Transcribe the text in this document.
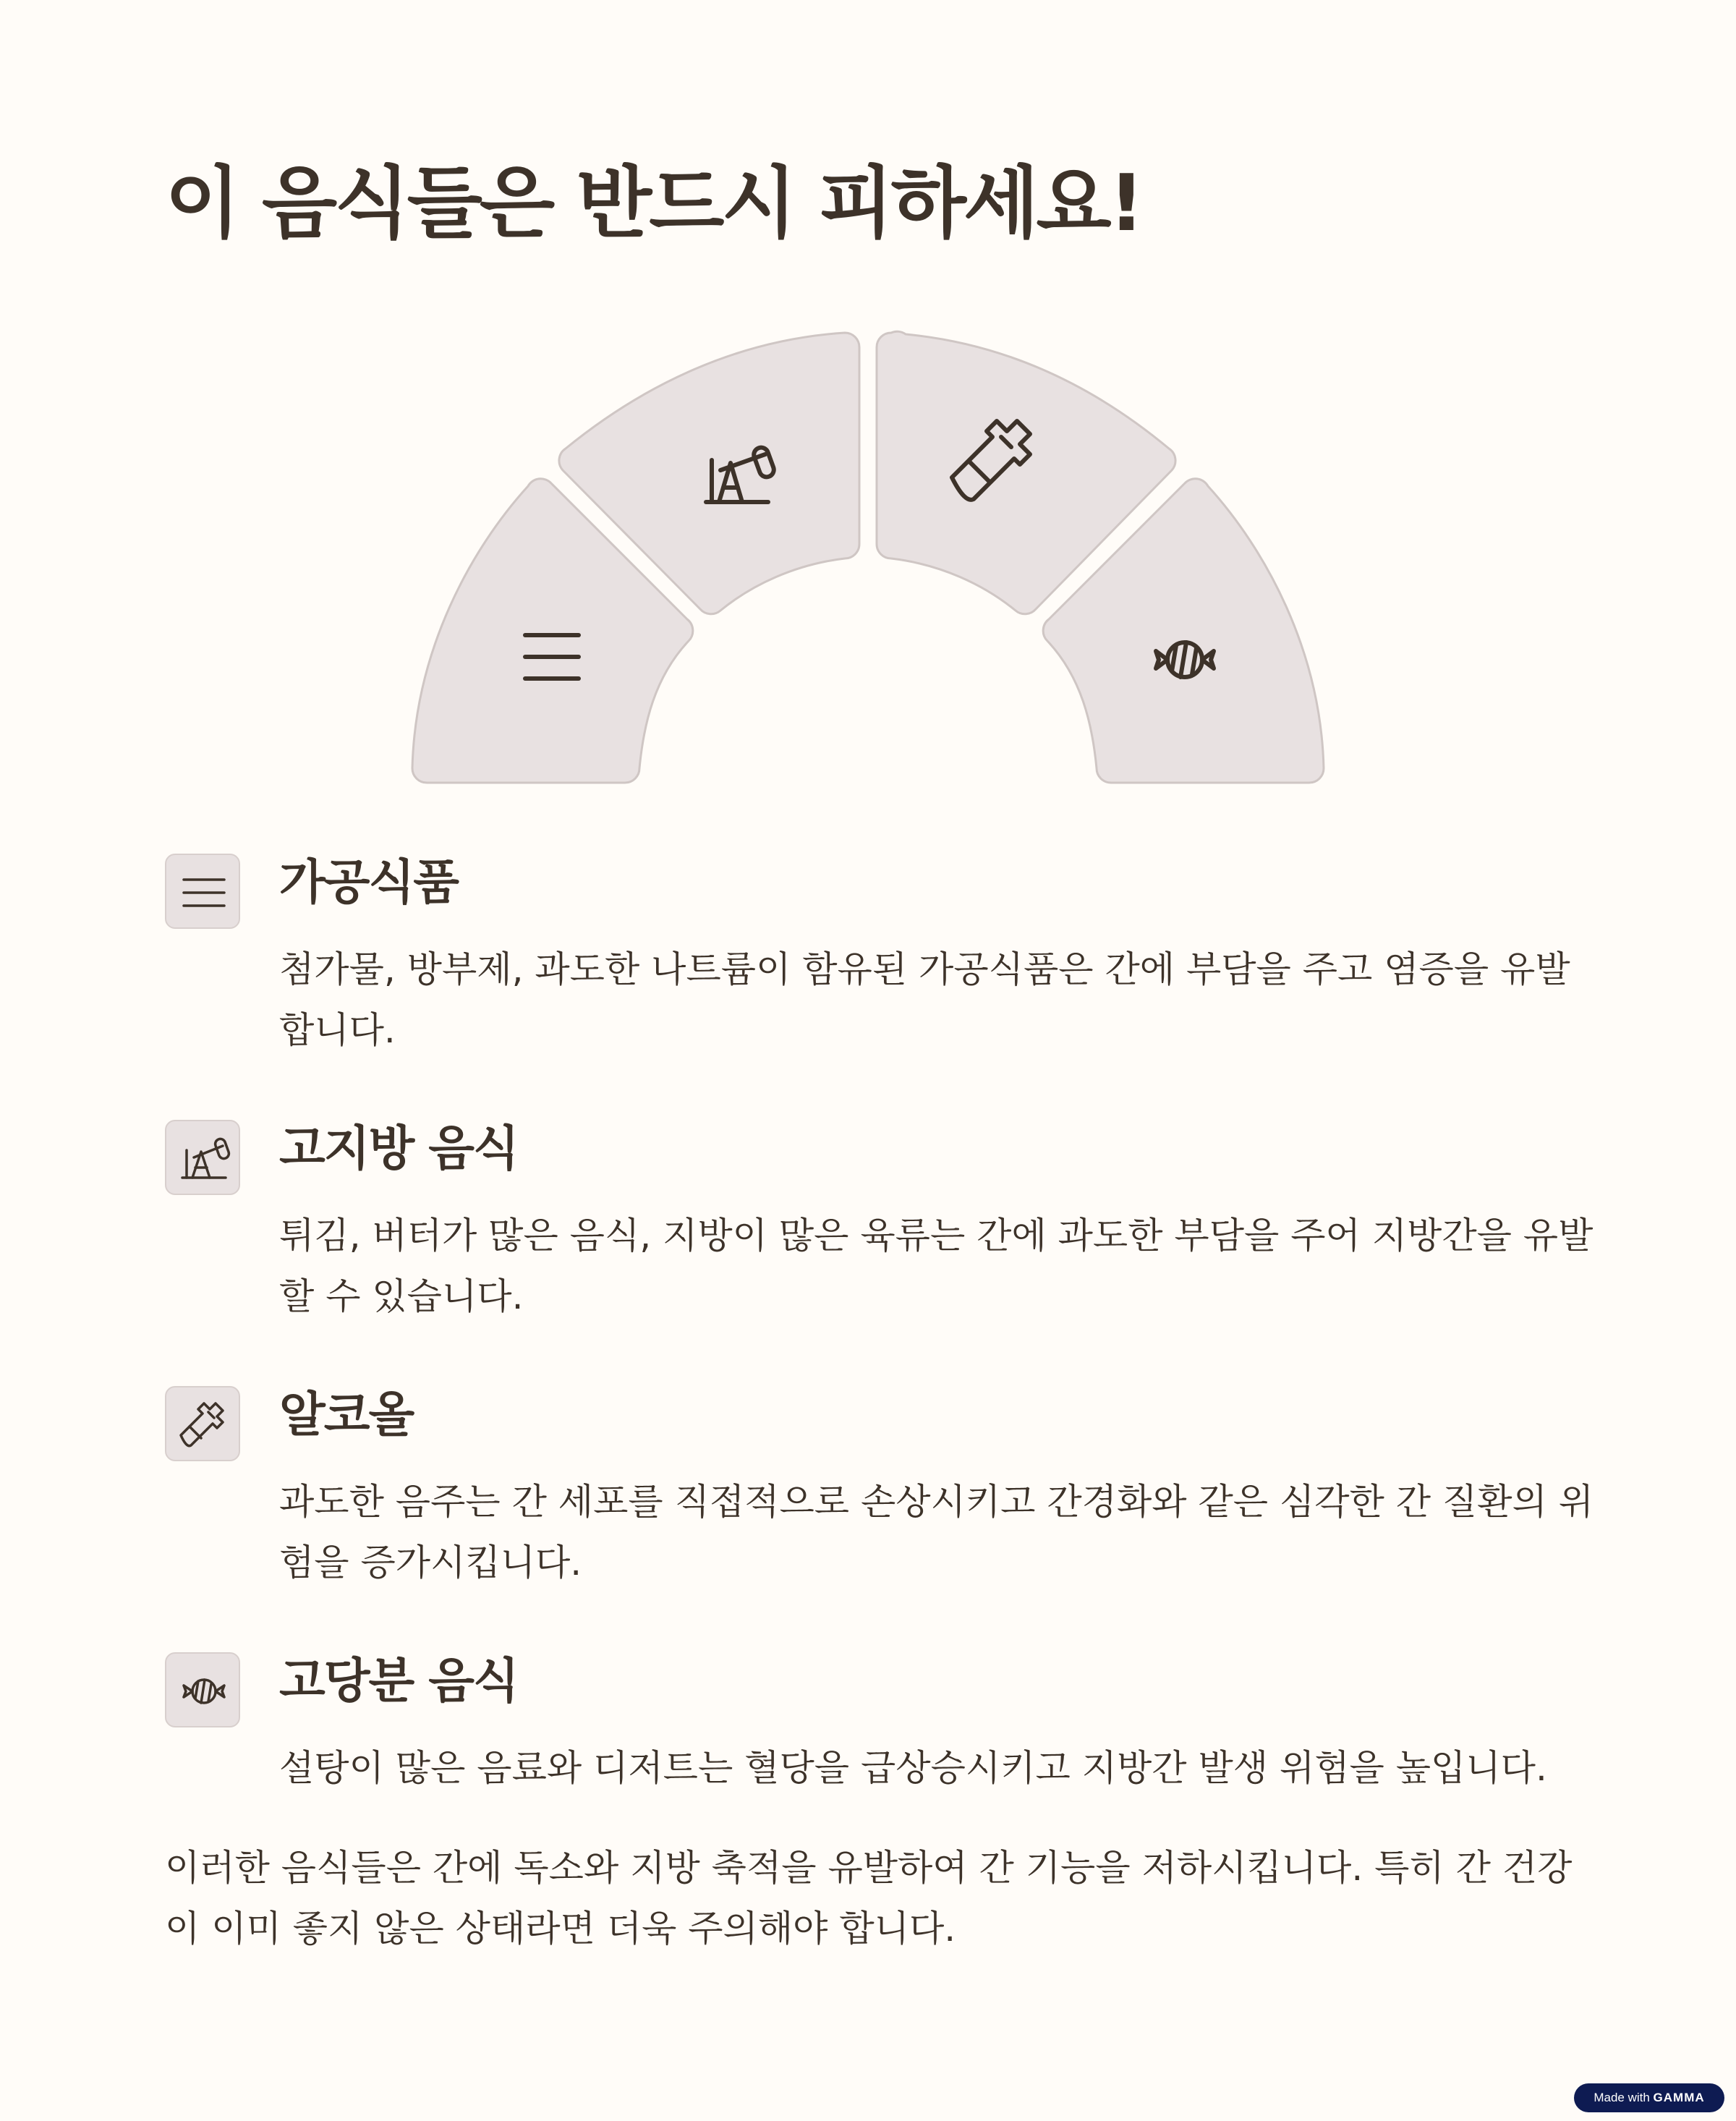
이 음식들은 반드시 피하세요!
가공식품

첨가물, 방부제, 과도한 나트륨이 함유된 가공식품은 간에 부담을 주고 염증을 유발합니다.

고지방 음식

튀김, 버터가 많은 음식, 지방이 많은 육류는 간에 과도한 부담을 주어 지방간을 유발할 수 있습니다.

알코올

과도한 음주는 간 세포를 직접적으로 손상시키고 간경화와 같은 심각한 간 질환의 위험을 증가시킵니다.

고당분 음식

설탕이 많은 음료와 디저트는 혈당을 급상승시키고 지방간 발생 위험을 높입니다.

이러한 음식들은 간에 독소와 지방 축적을 유발하여 간 기능을 저하시킵니다. 특히 간 건강이 이미 좋지 않은 상태라면 더욱 주의해야 합니다.

Made with GAMMA
